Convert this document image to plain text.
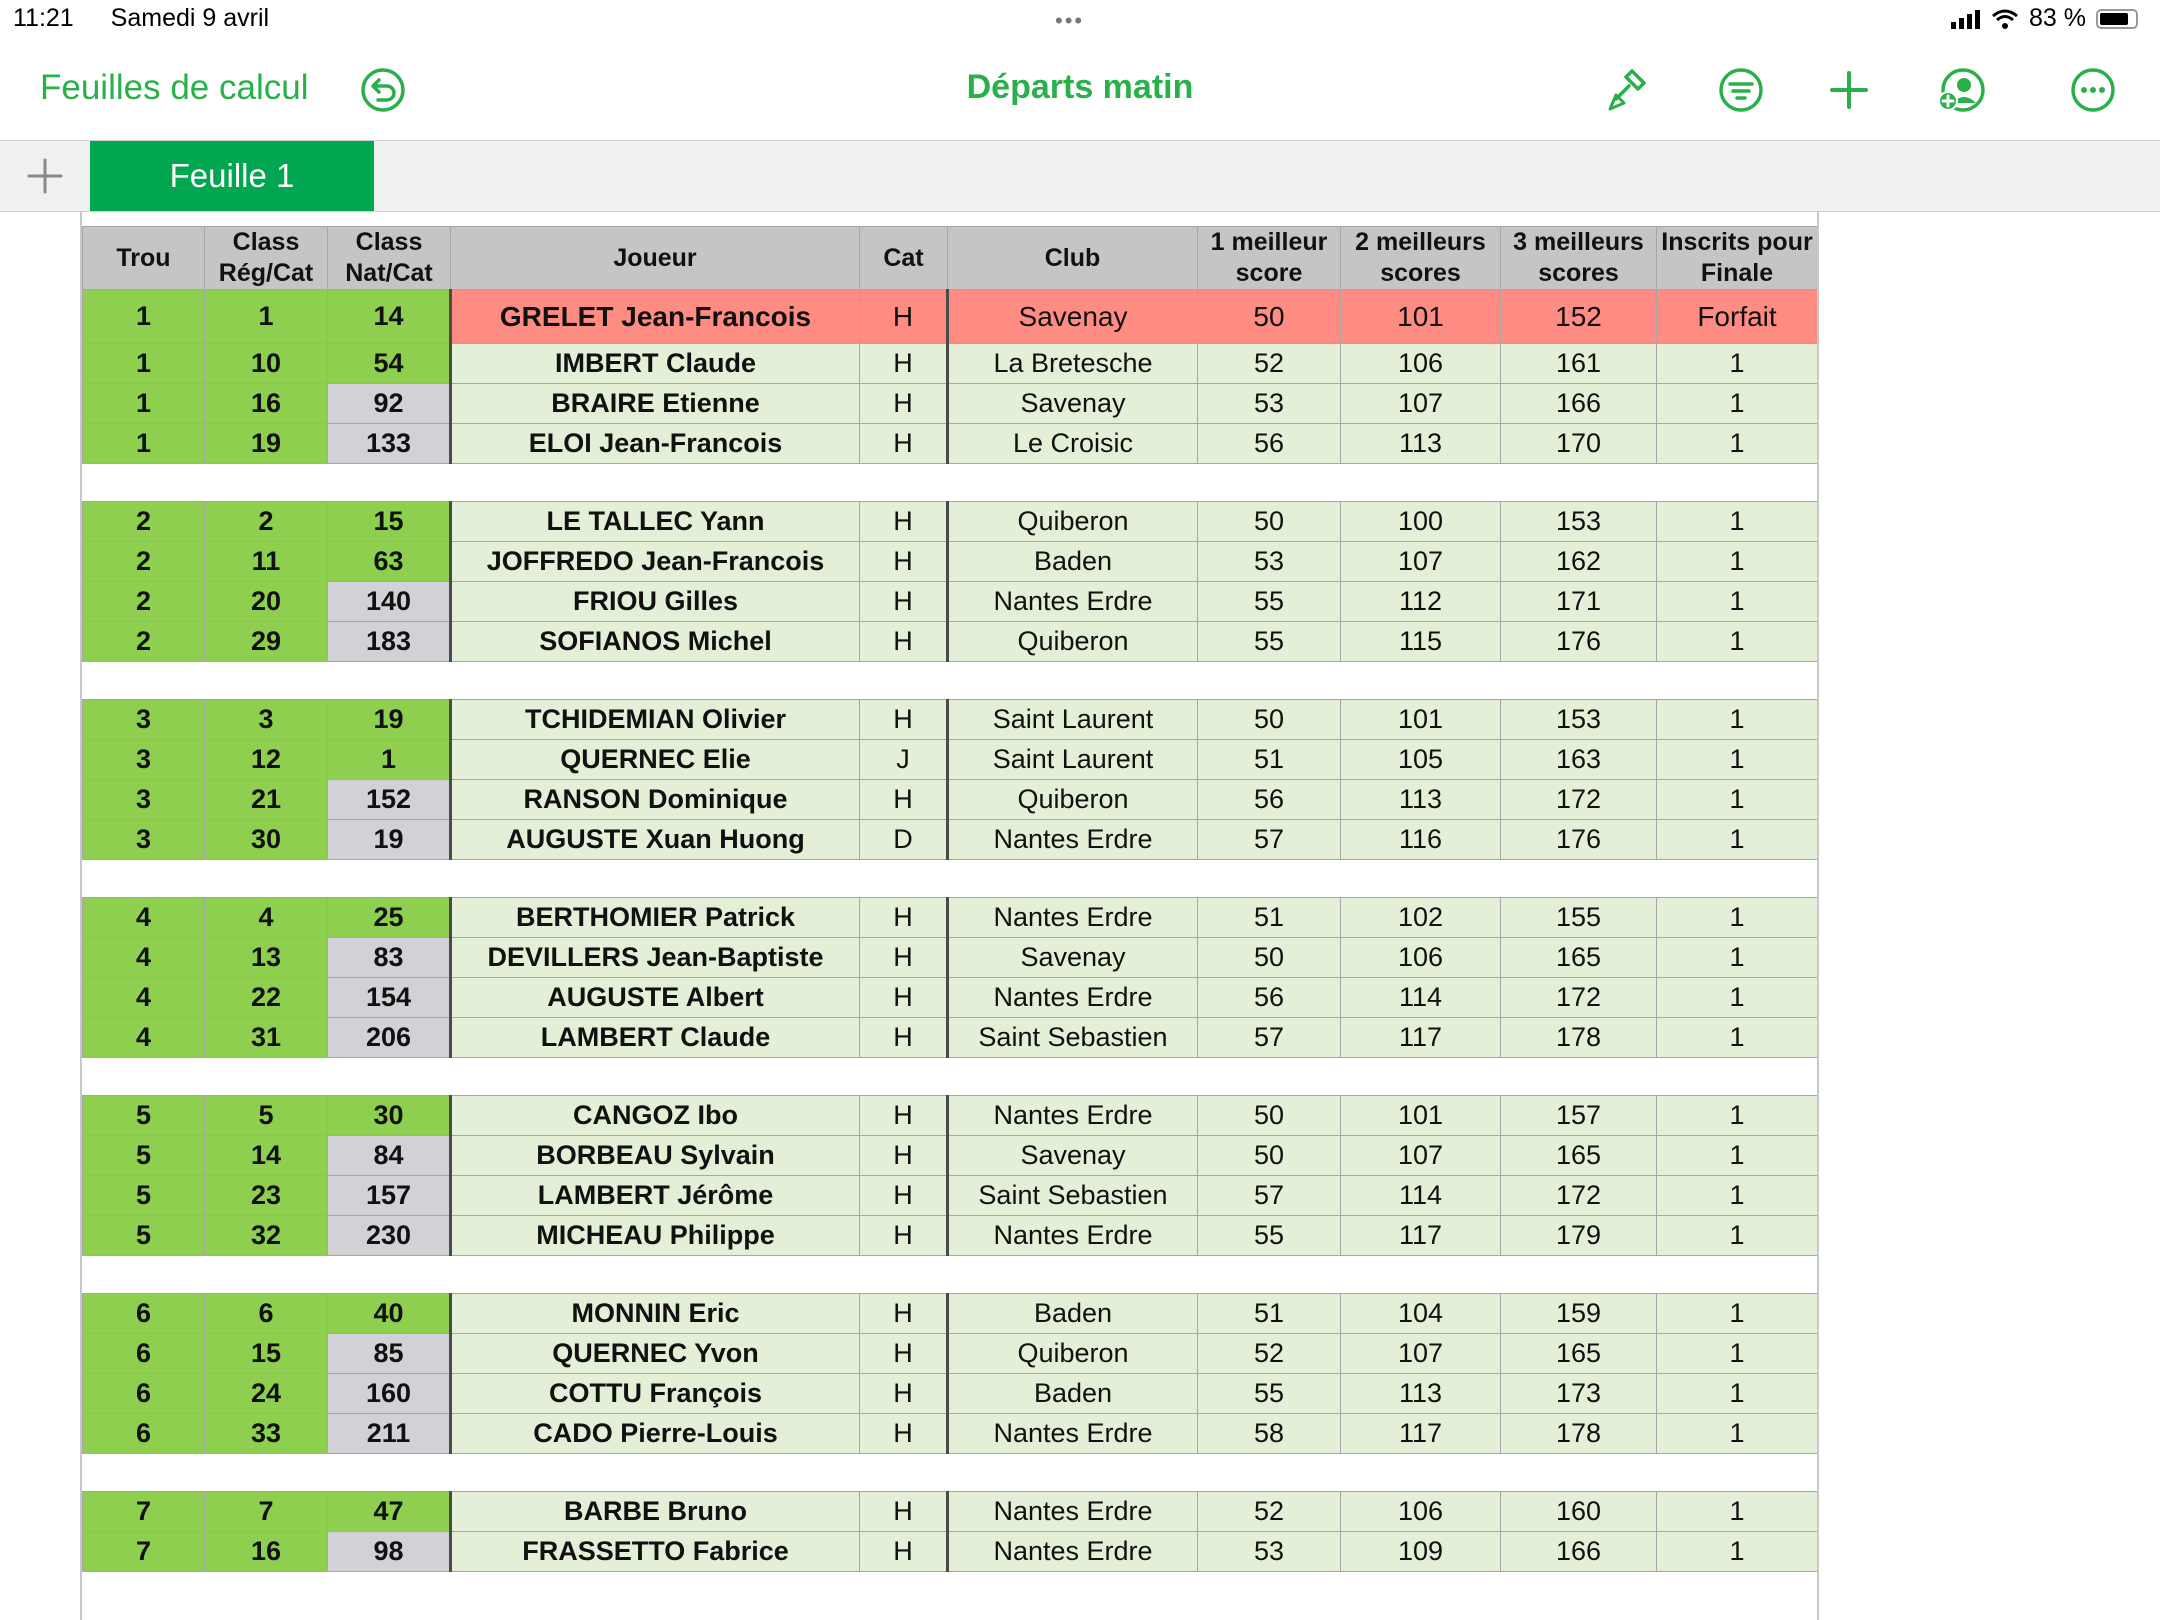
11:21 Samedi 9 avril	•••	83 %
Feuilles de calcul	Départs matin
Feuille 1
Trou	Class Rég/Cat	Class Nat/Cat	Joueur	Cat	Club	1 meilleur score	2 meilleurs scores	3 meilleurs scores	Inscrits pour Finale
1	1	14	GRELET Jean-Francois	H	Savenay	50	101	152	Forfait
1	10	54	IMBERT Claude	H	La Bretesche	52	106	161	1
1	16	92	BRAIRE Etienne	H	Savenay	53	107	166	1
1	19	133	ELOI Jean-Francois	H	Le Croisic	56	113	170	1

2	2	15	LE TALLEC Yann	H	Quiberon	50	100	153	1
2	11	63	JOFFREDO Jean-Francois	H	Baden	53	107	162	1
2	20	140	FRIOU Gilles	H	Nantes Erdre	55	112	171	1
2	29	183	SOFIANOS Michel	H	Quiberon	55	115	176	1

3	3	19	TCHIDEMIAN Olivier	H	Saint Laurent	50	101	153	1
3	12	1	QUERNEC Elie	J	Saint Laurent	51	105	163	1
3	21	152	RANSON Dominique	H	Quiberon	56	113	172	1
3	30	19	AUGUSTE Xuan Huong	D	Nantes Erdre	57	116	176	1

4	4	25	BERTHOMIER Patrick	H	Nantes Erdre	51	102	155	1
4	13	83	DEVILLERS Jean-Baptiste	H	Savenay	50	106	165	1
4	22	154	AUGUSTE Albert	H	Nantes Erdre	56	114	172	1
4	31	206	LAMBERT Claude	H	Saint Sebastien	57	117	178	1

5	5	30	CANGOZ Ibo	H	Nantes Erdre	50	101	157	1
5	14	84	BORBEAU Sylvain	H	Savenay	50	107	165	1
5	23	157	LAMBERT Jérôme	H	Saint Sebastien	57	114	172	1
5	32	230	MICHEAU Philippe	H	Nantes Erdre	55	117	179	1

6	6	40	MONNIN Eric	H	Baden	51	104	159	1
6	15	85	QUERNEC Yvon	H	Quiberon	52	107	165	1
6	24	160	COTTU François	H	Baden	55	113	173	1
6	33	211	CADO Pierre-Louis	H	Nantes Erdre	58	117	178	1

7	7	47	BARBE Bruno	H	Nantes Erdre	52	106	160	1
7	16	98	FRASSETTO Fabrice	H	Nantes Erdre	53	109	166	1
